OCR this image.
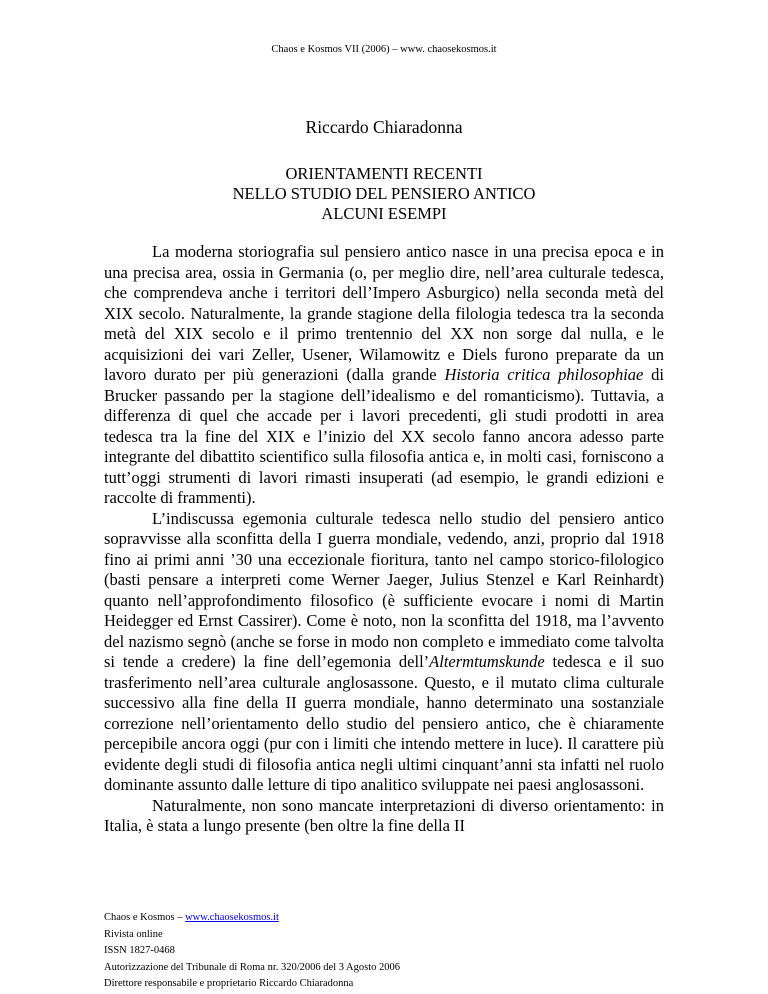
Chaos e Kosmos VII (2006) – www. chaosekosmos.it
Riccardo Chiaradonna
ORIENTAMENTI RECENTI
NELLO STUDIO DEL PENSIERO ANTICO
ALCUNI ESEMPI

La moderna storiografia sul pensiero antico nasce in una precisa epoca e in una precisa area, ossia in Germania (o, per meglio dire, nell’area culturale tedesca, che comprendeva anche i territori dell’Impero Asburgico) nella seconda metà del XIX secolo. Naturalmente, la grande stagione della filologia tedesca tra la seconda metà del XIX secolo e il primo trentennio del XX non sorge dal nulla, e le acquisizioni dei vari Zeller, Usener, Wilamowitz e Diels furono preparate da un lavoro durato per più generazioni (dalla grande Historia critica philosophiae di Brucker passando per la stagione dell’idealismo e del romanticismo). Tuttavia, a differenza di quel che accade per i lavori precedenti, gli studi prodotti in area tedesca tra la fine del XIX e l’inizio del XX secolo fanno ancora adesso parte integrante del dibattito scientifico sulla filosofia antica e, in molti casi, forniscono a tutt’oggi strumenti di lavori rimasti insuperati (ad esempio, le grandi edizioni e raccolte di frammenti).

L’indiscussa egemonia culturale tedesca nello studio del pensiero antico sopravvisse alla sconfitta della I guerra mondiale, vedendo, anzi, proprio dal 1918 fino ai primi anni ’30 una eccezionale fioritura, tanto nel campo storico-filologico (basti pensare a interpreti come Werner Jaeger, Julius Stenzel e Karl Reinhardt) quanto nell’approfondimento filosofico (è sufficiente evocare i nomi di Martin Heidegger ed Ernst Cassirer). Come è noto, non la sconfitta del 1918, ma l’avvento del nazismo segnò (anche se forse in modo non completo e immediato come talvolta si tende a credere) la fine dell’egemonia dell’Altermtumskunde tedesca e il suo trasferimento nell’area culturale anglosassone. Questo, e il mutato clima culturale successivo alla fine della II guerra mondiale, hanno determinato una sostanziale correzione nell’orientamento dello studio del pensiero antico, che è chiaramente percepibile ancora oggi (pur con i limiti che intendo mettere in luce). Il carattere più evidente degli studi di filosofia antica negli ultimi cinquant’anni sta infatti nel ruolo dominante assunto dalle letture di tipo analitico sviluppate nei paesi anglosassoni.

Naturalmente, non sono mancate interpretazioni di diverso orientamento: in Italia, è stata a lungo presente (ben oltre la fine della II

Chaos e Kosmos – www.chaosekosmos.it
Rivista online
ISSN 1827-0468
Autorizzazione del Tribunale di Roma nr. 320/2006 del 3 Agosto 2006
Direttore responsabile e proprietario Riccardo Chiaradonna
